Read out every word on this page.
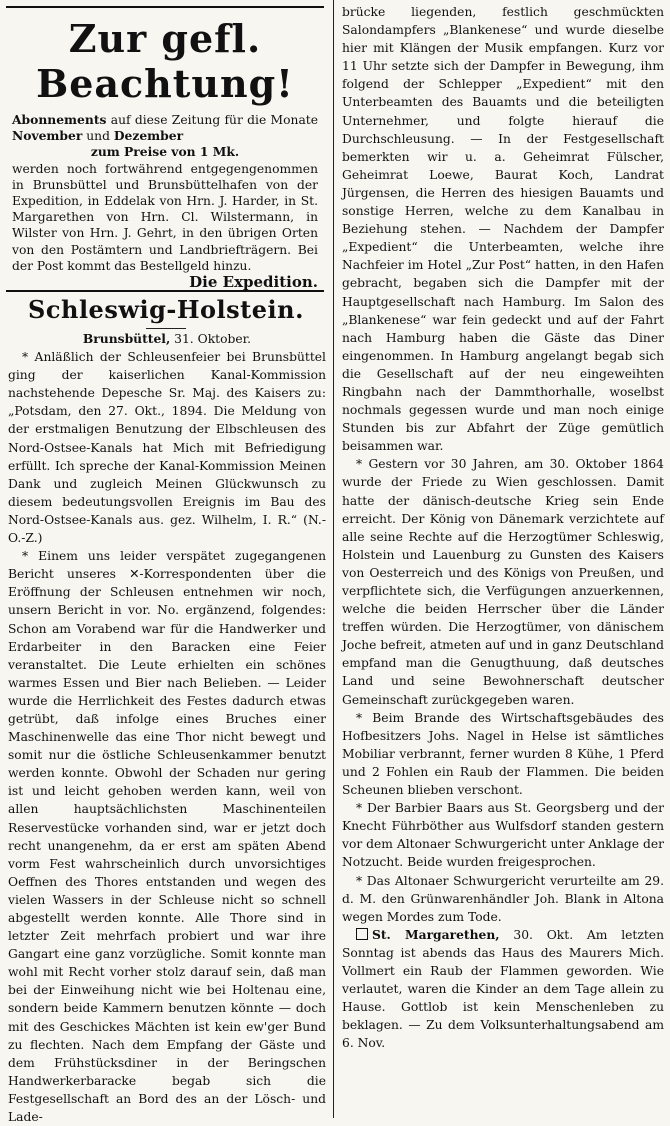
Zur gefl. Beachtung!
Abonnements auf diese Zeitung für die Monate November und Dezember
zum Preise von 1 Mk.
werden noch fortwährend entgegengenommen in Brunsbüttel und Brunsbüttelhafen von der Expedition, in Eddelak von Hrn. J. Harder, in St. Margarethen von Hrn. Cl. Wilstermann, in Wilster von Hrn. J. Gehrt, in den übrigen Orten von den Postämtern und Landbriefträgern. Bei der Post kommt das Bestellgeld hinzu.
Die Expedition.
Schleswig-Holstein.
Brunsbüttel, 31. Oktober.

* Anläßlich der Schleusenfeier bei Brunsbüttel ging der kaiserlichen Kanal-Kommission nachstehende Depesche Sr. Maj. des Kaisers zu: „Potsdam, den 27. Okt., 1894. Die Meldung von der erstmaligen Benutzung der Elbschleusen des Nord-Ostsee-Kanals hat Mich mit Befriedigung erfüllt. Ich spreche der Kanal-Kommission Meinen Dank und zugleich Meinen Glückwunsch zu diesem bedeutungsvollen Ereignis im Bau des Nord-Ostsee-Kanals aus. gez. Wilhelm, I. R.“ (N.-O.-Z.)

* Einem uns leider verspätet zugegangenen Bericht unseres ✕-Korrespondenten über die Eröffnung der Schleusen entnehmen wir noch, unsern Bericht in vor. No. ergänzend, folgendes: Schon am Vorabend war für die Handwerker und Erdarbeiter in den Baracken eine Feier veranstaltet. Die Leute erhielten ein schönes warmes Essen und Bier nach Belieben. — Leider wurde die Herrlichkeit des Festes dadurch etwas getrübt, daß infolge eines Bruches einer Maschinenwelle das eine Thor nicht bewegt und somit nur die östliche Schleusenkammer benutzt werden konnte. Obwohl der Schaden nur gering ist und leicht gehoben werden kann, weil von allen hauptsächlichsten Maschinenteilen Reservestücke vorhanden sind, war er jetzt doch recht unangenehm, da er erst am späten Abend vorm Fest wahrscheinlich durch unvorsichtiges Oeffnen des Thores entstanden und wegen des vielen Wassers in der Schleuse nicht so schnell abgestellt werden konnte. Alle Thore sind in letzter Zeit mehrfach probiert und war ihre Gangart eine ganz vorzügliche. Somit konnte man wohl mit Recht vorher stolz darauf sein, daß man bei der Einweihung nicht wie bei Holtenau eine, sondern beide Kammern benutzen könnte — doch mit des Geschickes Mächten ist kein ew'ger Bund zu flechten. Nach dem Empfang der Gäste und dem Frühstücksdiner in der Beringschen Handwerkerbaracke begab sich die Festgesellschaft an Bord des an der Lösch- und Lade-

brücke liegenden, festlich geschmückten Salondampfers „Blankenese“ und wurde dieselbe hier mit Klängen der Musik empfangen. Kurz vor 11 Uhr setzte sich der Dampfer in Bewegung, ihm folgend der Schlepper „Expedient“ mit den Unterbeamten des Bauamts und die beteiligten Unternehmer, und folgte hierauf die Durchschleusung. — In der Festgesellschaft bemerkten wir u. a. Geheimrat Fülscher, Geheimrat Loewe, Baurat Koch, Landrat Jürgensen, die Herren des hiesigen Bauamts und sonstige Herren, welche zu dem Kanalbau in Beziehung stehen. — Nachdem der Dampfer „Expedient“ die Unterbeamten, welche ihre Nachfeier im Hotel „Zur Post“ hatten, in den Hafen gebracht, begaben sich die Dampfer mit der Hauptgesellschaft nach Hamburg. Im Salon des „Blankenese“ war fein gedeckt und auf der Fahrt nach Hamburg haben die Gäste das Diner eingenommen. In Hamburg angelangt begab sich die Gesellschaft auf der neu eingeweihten Ringbahn nach der Dammthorhalle, woselbst nochmals gegessen wurde und man noch einige Stunden bis zur Abfahrt der Züge gemütlich beisammen war.

* Gestern vor 30 Jahren, am 30. Oktober 1864 wurde der Friede zu Wien geschlossen. Damit hatte der dänisch-deutsche Krieg sein Ende erreicht. Der König von Dänemark verzichtete auf alle seine Rechte auf die Herzogtümer Schleswig, Holstein und Lauenburg zu Gunsten des Kaisers von Oesterreich und des Königs von Preußen, und verpflichtete sich, die Verfügungen anzuerkennen, welche die beiden Herrscher über die Länder treffen würden. Die Herzogtümer, von dänischem Joche befreit, atmeten auf und in ganz Deutschland empfand man die Genugthuung, daß deutsches Land und seine Bewohnerschaft deutscher Gemeinschaft zurückgegeben waren.

* Beim Brande des Wirtschaftsgebäudes des Hofbesitzers Johs. Nagel in Helse ist sämtliches Mobiliar verbrannt, ferner wurden 8 Kühe, 1 Pferd und 2 Fohlen ein Raub der Flammen. Die beiden Scheunen blieben verschont.

* Der Barbier Baars aus St. Georgsberg und der Knecht Führböther aus Wulfsdorf standen gestern vor dem Altonaer Schwurgericht unter Anklage der Notzucht. Beide wurden freigesprochen.

* Das Altonaer Schwurgericht verurteilte am 29. d. M. den Grünwarenhändler Joh. Blank in Altona wegen Mordes zum Tode.

St. Margarethen, 30. Okt. Am letzten Sonntag ist abends das Haus des Maurers Mich. Vollmert ein Raub der Flammen geworden. Wie verlautet, waren die Kinder an dem Tage allein zu Hause. Gottlob ist kein Menschenleben zu beklagen. — Zu dem Volksunterhaltungsabend am 6. Nov.
